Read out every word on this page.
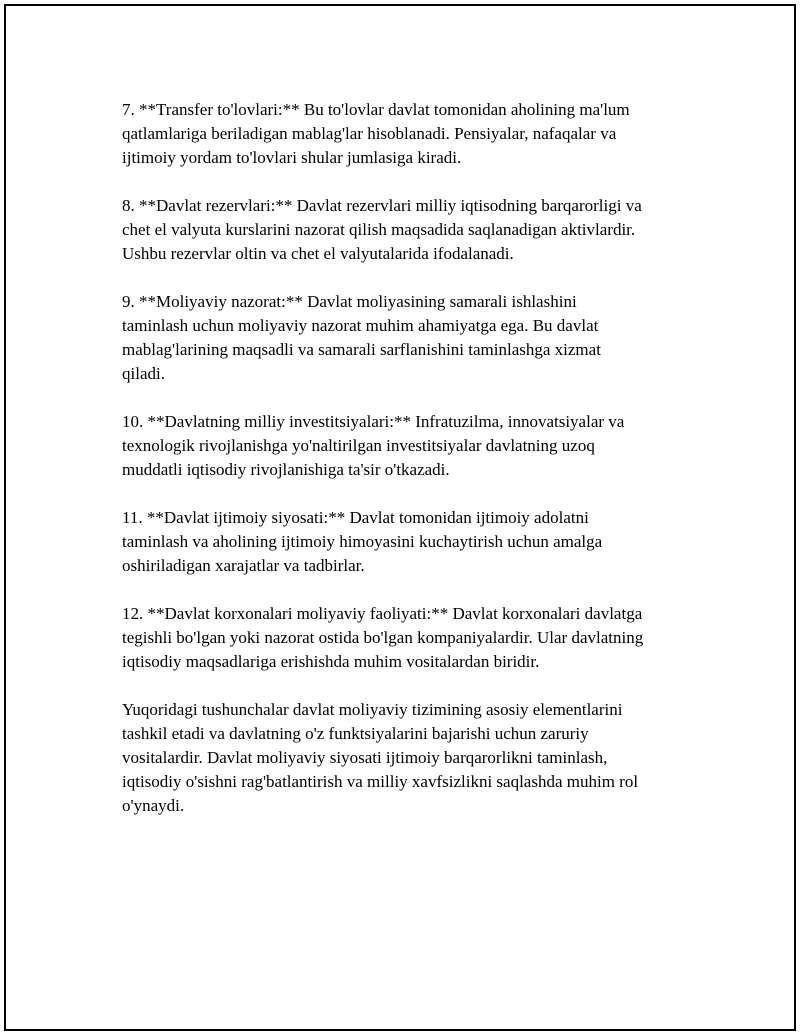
7. **Transfer to'lovlari:** Bu to'lovlar davlat tomonidan aholining ma'lum
qatlamlariga beriladigan mablag'lar hisoblanadi. Pensiyalar, nafaqalar va
ijtimoiy yordam to'lovlari shular jumlasiga kiradi.

8. **Davlat rezervlari:** Davlat rezervlari milliy iqtisodning barqarorligi va
chet el valyuta kurslarini nazorat qilish maqsadida saqlanadigan aktivlardir.
Ushbu rezervlar oltin va chet el valyutalarida ifodalanadi.

9. **Moliyaviy nazorat:** Davlat moliyasining samarali ishlashini
taminlash uchun moliyaviy nazorat muhim ahamiyatga ega. Bu davlat
mablag'larining maqsadli va samarali sarflanishini taminlashga xizmat
qiladi.

10. **Davlatning milliy investitsiyalari:** Infratuzilma, innovatsiyalar va
texnologik rivojlanishga yo'naltirilgan investitsiyalar davlatning uzoq
muddatli iqtisodiy rivojlanishiga ta'sir o'tkazadi.

11. **Davlat ijtimoiy siyosati:** Davlat tomonidan ijtimoiy adolatni
taminlash va aholining ijtimoiy himoyasini kuchaytirish uchun amalga
oshiriladigan xarajatlar va tadbirlar.

12. **Davlat korxonalari moliyaviy faoliyati:** Davlat korxonalari davlatga
tegishli bo'lgan yoki nazorat ostida bo'lgan kompaniyalardir. Ular davlatning
iqtisodiy maqsadlariga erishishda muhim vositalardan biridir.

Yuqoridagi tushunchalar davlat moliyaviy tizimining asosiy elementlarini
tashkil etadi va davlatning o'z funktsiyalarini bajarishi uchun zaruriy
vositalardir. Davlat moliyaviy siyosati ijtimoiy barqarorlikni taminlash,
iqtisodiy o'sishni rag'batlantirish va milliy xavfsizlikni saqlashda muhim rol
o'ynaydi.
